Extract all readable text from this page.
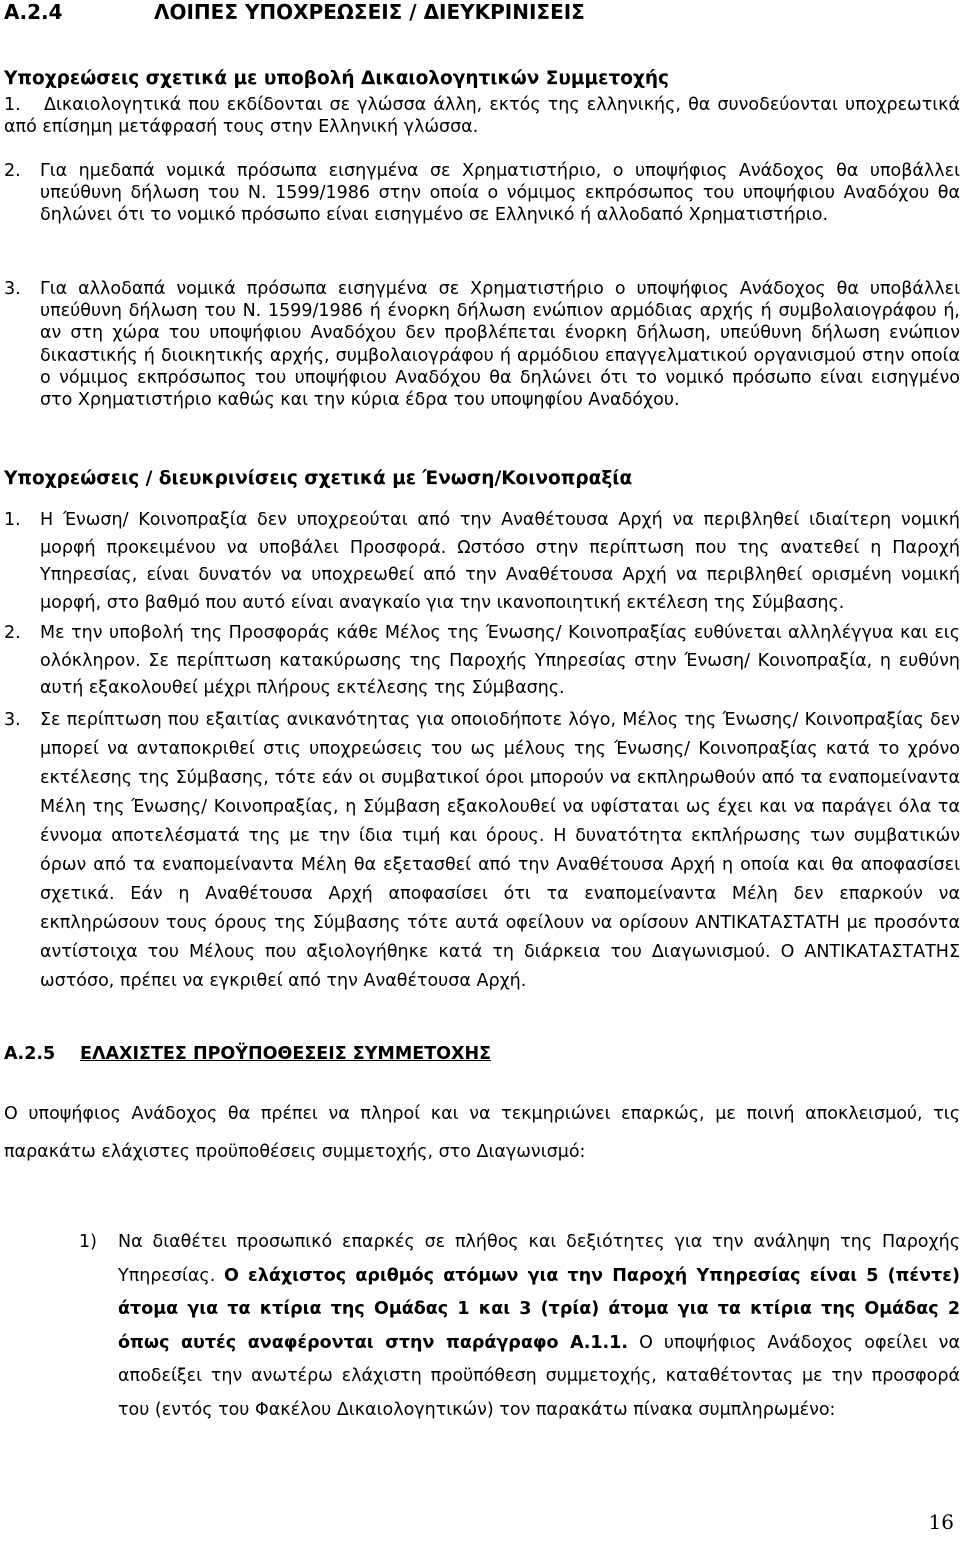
Α.2.4	ΛΟΙΠΕΣ ΥΠΟΧΡΕΩΣΕΙΣ / ΔΙΕΥΚΡΙΝΙΣΕΙΣ
Υποχρεώσεις σχετικά με υποβολή Δικαιολογητικών Συμμετοχής

1. Δικαιολογητικά που εκδίδονται σε γλώσσα άλλη, εκτός της ελληνικής, θα συνοδεύονται υποχρεωτικά από επίσημη μετάφρασή τους στην Ελληνική γλώσσα.

2.	Για ημεδαπά νομικά πρόσωπα εισηγμένα σε Χρηματιστήριο, ο υποψήφιος Ανάδοχος θα υποβάλλει υπεύθυνη δήλωση του Ν. 1599/1986 στην οποία ο νόμιμος εκπρόσωπος του υποψήφιου Αναδόχου θα δηλώνει ότι το νομικό πρόσωπο είναι εισηγμένο σε Ελληνικό ή αλλοδαπό Χρηματιστήριο.

3.	Για αλλοδαπά νομικά πρόσωπα εισηγμένα σε Χρηματιστήριο ο υποψήφιος Ανάδοχος θα υποβάλλει υπεύθυνη δήλωση του Ν. 1599/1986 ή ένορκη δήλωση ενώπιον αρμόδιας αρχής ή συμβολαιογράφου ή, αν στη χώρα του υποψήφιου Αναδόχου δεν προβλέπεται ένορκη δήλωση, υπεύθυνη δήλωση ενώπιον δικαστικής ή διοικητικής αρχής, συμβολαιογράφου ή αρμόδιου επαγγελματικού οργανισμού στην οποία ο νόμιμος εκπρόσωπος του υποψήφιου Αναδόχου θα δηλώνει ότι το νομικό πρόσωπο είναι εισηγμένο στο Χρηματιστήριο καθώς και την κύρια έδρα του υποψηφίου Αναδόχου.

Υποχρεώσεις / διευκρινίσεις σχετικά με Ένωση/Κοινοπραξία
1.	Η Ένωση/ Κοινοπραξία δεν υποχρεούται από την Αναθέτουσα Αρχή να περιβληθεί ιδιαίτερη νομική μορφή προκειμένου να υποβάλει Προσφορά. Ωστόσο στην περίπτωση που της ανατεθεί η Παροχή Υπηρεσίας, είναι δυνατόν να υποχρεωθεί από την Αναθέτουσα Αρχή να περιβληθεί ορισμένη νομική μορφή, στο βαθμό που αυτό είναι αναγκαίο για την ικανοποιητική εκτέλεση της Σύμβασης.

2.	Με την υποβολή της Προσφοράς κάθε Μέλος της Ένωσης/ Κοινοπραξίας ευθύνεται αλληλέγγυα και εις ολόκληρον. Σε περίπτωση κατακύρωσης της Παροχής Υπηρεσίας στην Ένωση/ Κοινοπραξία, η ευθύνη αυτή εξακολουθεί μέχρι πλήρους εκτέλεσης της Σύμβασης.

3.	Σε περίπτωση που εξαιτίας ανικανότητας για οποιοδήποτε λόγο, Μέλος της Ένωσης/ Κοινοπραξίας δεν μπορεί να ανταποκριθεί στις υποχρεώσεις του ως μέλους της Ένωσης/ Κοινοπραξίας κατά το χρόνο εκτέλεσης της Σύμβασης, τότε εάν οι συμβατικοί όροι μπορούν να εκπληρωθούν από τα εναπομείναντα Μέλη της Ένωσης/ Κοινοπραξίας, η Σύμβαση εξακολουθεί να υφίσταται ως έχει και να παράγει όλα τα έννομα αποτελέσματά της με την ίδια τιμή και όρους. Η δυνατότητα εκπλήρωσης των συμβατικών όρων από τα εναπομείναντα Μέλη θα εξετασθεί από την Αναθέτουσα Αρχή η οποία και θα αποφασίσει σχετικά. Εάν η Αναθέτουσα Αρχή αποφασίσει ότι τα εναπομείναντα Μέλη δεν επαρκούν να εκπληρώσουν τους όρους της Σύμβασης τότε αυτά οφείλουν να ορίσουν ΑΝΤΙΚΑΤΑΣΤΑΤΗ με προσόντα αντίστοιχα του Μέλους που αξιολογήθηκε κατά τη διάρκεια του Διαγωνισμού. Ο ΑΝΤΙΚΑΤΑΣΤΑΤΗΣ ωστόσο, πρέπει να εγκριθεί από την Αναθέτουσα Αρχή.

Α.2.5 ΕΛΑΧΙΣΤΕΣ ΠΡΟΫΠΟΘΕΣΕΙΣ ΣΥΜΜΕΤΟΧΗΣ

Ο υποψήφιος Ανάδοχος θα πρέπει να πληροί και να τεκμηριώνει επαρκώς, με ποινή αποκλεισμού, τις παρακάτω ελάχιστες προϋποθέσεις συμμετοχής, στο Διαγωνισμό:

1)	Να διαθέτει προσωπικό επαρκές σε πλήθος και δεξιότητες για την ανάληψη της Παροχής Υπηρεσίας. Ο ελάχιστος αριθμός ατόμων για την Παροχή Υπηρεσίας είναι 5 (πέντε) άτομα για τα κτίρια της Ομάδας 1 και 3 (τρία) άτομα για τα κτίρια της Ομάδας 2 όπως αυτές αναφέρονται στην παράγραφο Α.1.1. Ο υποψήφιος Ανάδοχος οφείλει να αποδείξει την ανωτέρω ελάχιστη προϋπόθεση συμμετοχής, καταθέτοντας με την προσφορά του (εντός του Φακέλου Δικαιολογητικών) τον παρακάτω πίνακα συμπληρωμένο:

16
